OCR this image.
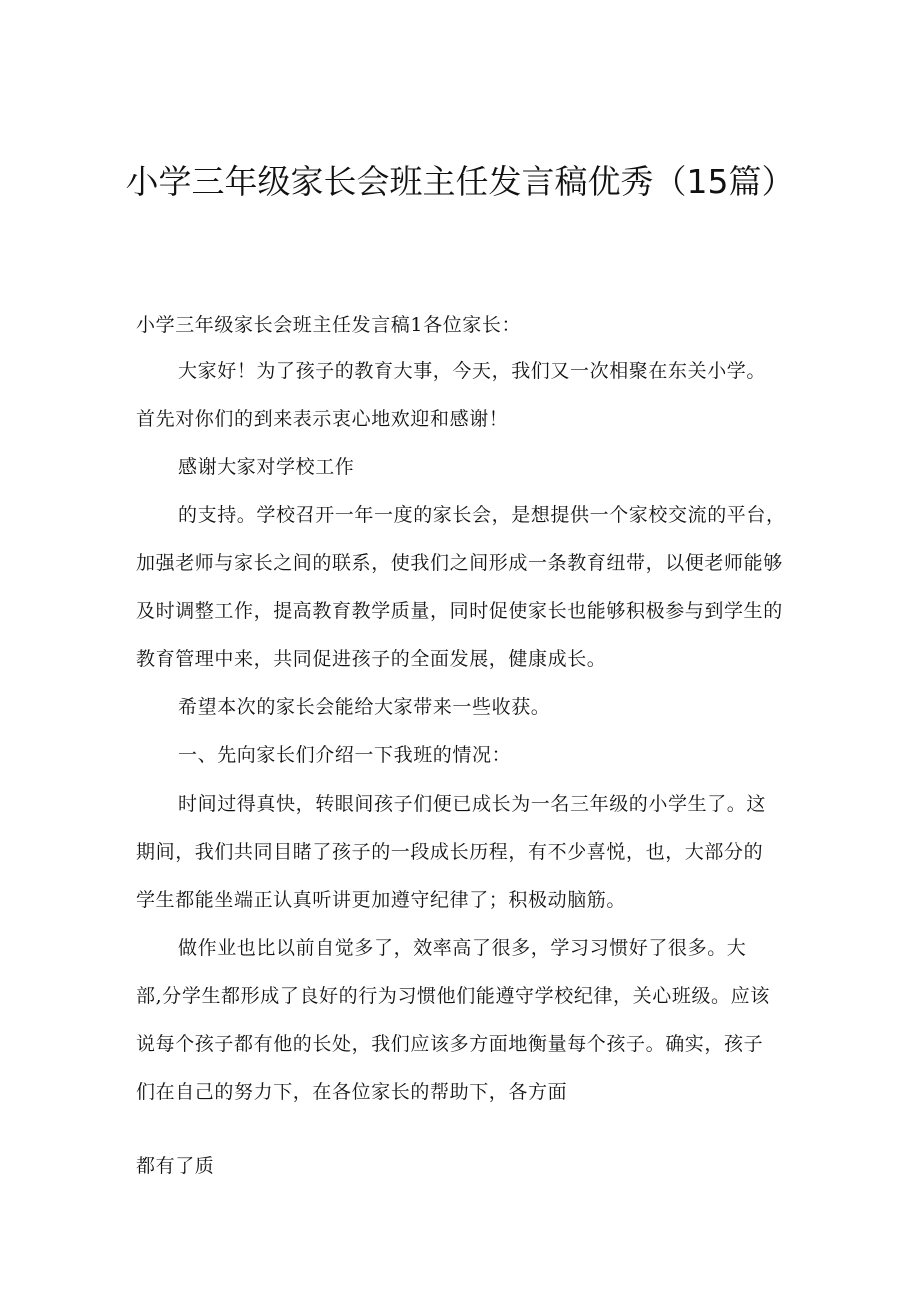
小学三年级家长会班主任发言稿优秀（15篇）

小学三年级家长会班主任发言稿1各位家长：

大家好！为了孩子的教育大事，今天，我们又一次相聚在东关小学。

首先对你们的到来表示衷心地欢迎和感谢！

感谢大家对学校工作

的支持。学校召开一年一度的家长会，是想提供一个家校交流的平台，

加强老师与家长之间的联系，使我们之间形成一条教育纽带，以便老师能够

及时调整工作，提高教育教学质量，同时促使家长也能够积极参与到学生的

教育管理中来，共同促进孩子的全面发展，健康成长。

希望本次的家长会能给大家带来一些收获。

一、先向家长们介绍一下我班的情况：

时间过得真快，转眼间孩子们便已成长为一名三年级的小学生了。这

期间，我们共同目睹了孩子的一段成长历程，有不少喜悦，也，大部分的

学生都能坐端正认真听讲更加遵守纪律了；积极动脑筋。

做作业也比以前自觉多了，效率高了很多，学习习惯好了很多。大

部,分学生都形成了良好的行为习惯他们能遵守学校纪律，关心班级。应该

说每个孩子都有他的长处，我们应该多方面地衡量每个孩子。确实，孩子

们在自己的努力下，在各位家长的帮助下，各方面

都有了质
